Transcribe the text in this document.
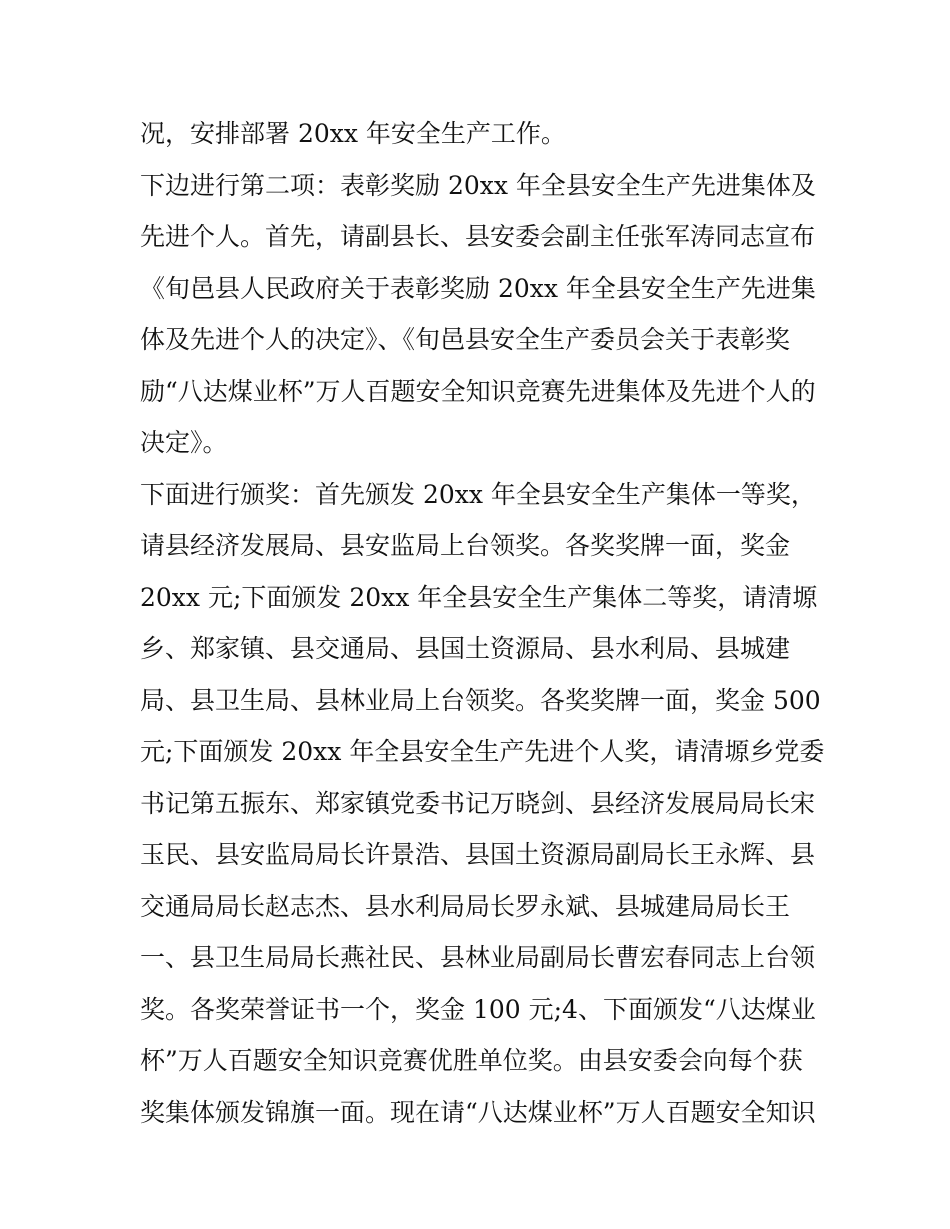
况，安排部署 20xx 年安全生产工作。
下边进行第二项：表彰奖励 20xx 年全县安全生产先进集体及
先进个人。首先，请副县长、县安委会副主任张军涛同志宣布
《旬邑县人民政府关于表彰奖励 20xx 年全县安全生产先进集
体及先进个人的决定》、《旬邑县安全生产委员会关于表彰奖
励“八达煤业杯”万人百题安全知识竞赛先进集体及先进个人的
决定》。
下面进行颁奖：首先颁发 20xx 年全县安全生产集体一等奖，
请县经济发展局、县安监局上台领奖。各奖奖牌一面，奖金
20xx 元;下面颁发 20xx 年全县安全生产集体二等奖，请清塬
乡、郑家镇、县交通局、县国土资源局、县水利局、县城建
局、县卫生局、县林业局上台领奖。各奖奖牌一面，奖金 500
元;下面颁发 20xx 年全县安全生产先进个人奖，请清塬乡党委
书记第五振东、郑家镇党委书记万晓剑、县经济发展局局长宋
玉民、县安监局局长许景浩、县国土资源局副局长王永辉、县
交通局局长赵志杰、县水利局局长罗永斌、县城建局局长王
一、县卫生局局长燕社民、县林业局副局长曹宏春同志上台领
奖。各奖荣誉证书一个，奖金 100 元;4、下面颁发“八达煤业
杯”万人百题安全知识竞赛优胜单位奖。由县安委会向每个获
奖集体颁发锦旗一面。现在请“八达煤业杯”万人百题安全知识
